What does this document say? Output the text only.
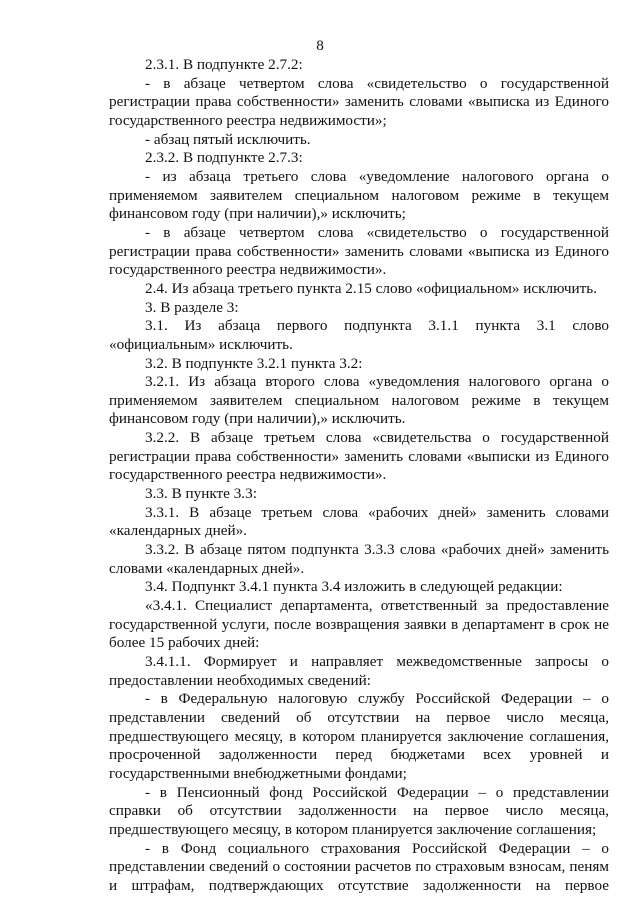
8

2.3.1. В подпункте 2.7.2:

- в абзаце четвертом слова «свидетельство о государственной регистрации права собственности» заменить словами «выписка из Единого государственного реестра недвижимости»;

- абзац пятый исключить.

2.3.2. В подпункте 2.7.3:

- из абзаца третьего слова «уведомление налогового органа о применяемом заявителем специальном налоговом режиме в текущем финансовом году (при наличии),» исключить;

- в абзаце четвертом слова «свидетельство о государственной регистрации права собственности» заменить словами «выписка из Единого государственного реестра недвижимости».

2.4. Из абзаца третьего пункта 2.15 слово «официальном» исключить.

3. В разделе 3:

3.1. Из абзаца первого подпункта 3.1.1 пункта 3.1 слово «официальным» исключить.

3.2. В подпункте 3.2.1 пункта 3.2:

3.2.1. Из абзаца второго слова «уведомления налогового органа о применяемом заявителем специальном налоговом режиме в текущем финансовом году (при наличии),» исключить.

3.2.2. В абзаце третьем слова «свидетельства о государственной регистрации права собственности» заменить словами «выписки из Единого государственного реестра недвижимости».

3.3. В пункте 3.3:

3.3.1. В абзаце третьем слова «рабочих дней» заменить словами «календарных дней».

3.3.2. В абзаце пятом подпункта 3.3.3 слова «рабочих дней» заменить словами «календарных дней».

3.4. Подпункт 3.4.1 пункта 3.4 изложить в следующей редакции:

«3.4.1. Специалист департамента, ответственный за предоставление государственной услуги, после возвращения заявки в департамент в срок не более 15 рабочих дней:

3.4.1.1. Формирует и направляет межведомственные запросы о предоставлении необходимых сведений:

- в Федеральную налоговую службу Российской Федерации – о представлении сведений об отсутствии на первое число месяца, предшествующего месяцу, в котором планируется заключение соглашения, просроченной задолженности перед бюджетами всех уровней и государственными внебюджетными фондами;

- в Пенсионный фонд Российской Федерации – о представлении справки об отсутствии задолженности на первое число месяца, предшествующего месяцу, в котором планируется заключение соглашения;

- в Фонд социального страхования Российской Федерации – о представлении сведений о состоянии расчетов по страховым взносам, пеням и штрафам, подтверждающих отсутствие задолженности на первое
